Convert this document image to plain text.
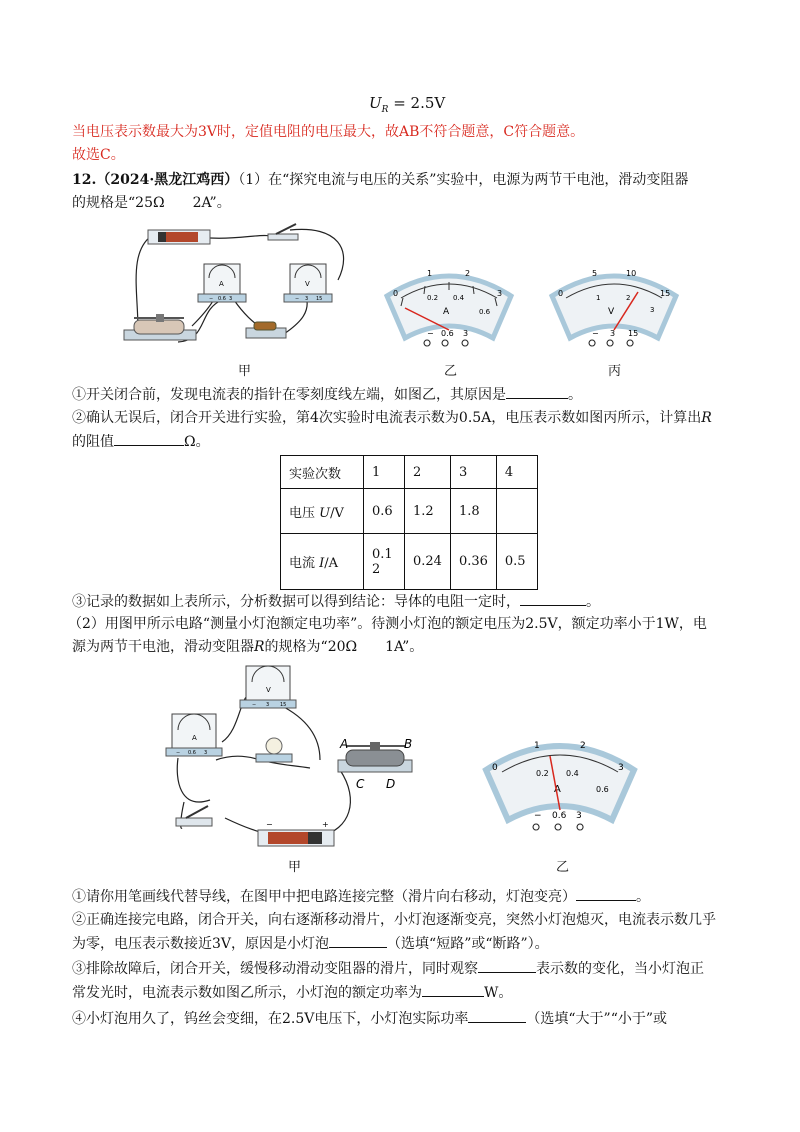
$U_R = 2.5V$
当电压表示数最大为3V时，定值电阻的电压最大，故AB不符合题意，C符合题意。
故选C。
12.（2024·黑龙江鸡西）（1）在“探究电流与电压的关系”实验中，电源为两节干电池，滑动变阻器
的规格是“25Ω　　2A”。
A
− 0.6 3
V
− 3 15
0
1	2
3
0.2 0.4
0.6
A
− 0.6 3
0
5	10
15
1	2
3
V
− 3 15
甲	乙	丙
①开关闭合前，发现电流表的指针在零刻度线左端，如图乙，其原因是	。
②确认无误后，闭合开关进行实验，第4次实验时电流表示数为0.5A，电压表示数如图丙所示，计算出R
的阻值	Ω。
实验次数	1	2	3	4
电压 U/V	0.6	1.2	1.8	
电流 I/A	0.1
2	0.24	0.36	0.5
③记录的数据如上表所示，分析数据可以得到结论：导体的电阻一定时，	。
（2）用图甲所示电路“测量小灯泡额定电功率”。待测小灯泡的额定电压为2.5V，额定功率小于1W，电
源为两节干电池，滑动变阻器R的规格为“20Ω　　1A”。
V
− 3 15
A
− 0.6 3
A	B
C D
−	+
0
1	2
3
0.2 0.4
0.6
A
− 0.6 3
甲	乙
①请你用笔画线代替导线，在图甲中把电路连接完整（滑片向右移动，灯泡变亮）	。
②正确连接完电路，闭合开关，向右逐渐移动滑片，小灯泡逐渐变亮，突然小灯泡熄灭，电流表示数几乎
为零，电压表示数接近3V，原因是小灯泡	（选填“短路”或“断路”）。
③排除故障后，闭合开关，缓慢移动滑动变阻器的滑片，同时观察	表示数的变化，当小灯泡正
常发光时，电流表示数如图乙所示，小灯泡的额定功率为	W。
④小灯泡用久了，钨丝会变细，在2.5V电压下，小灯泡实际功率	（选填“大于”“小于”或
